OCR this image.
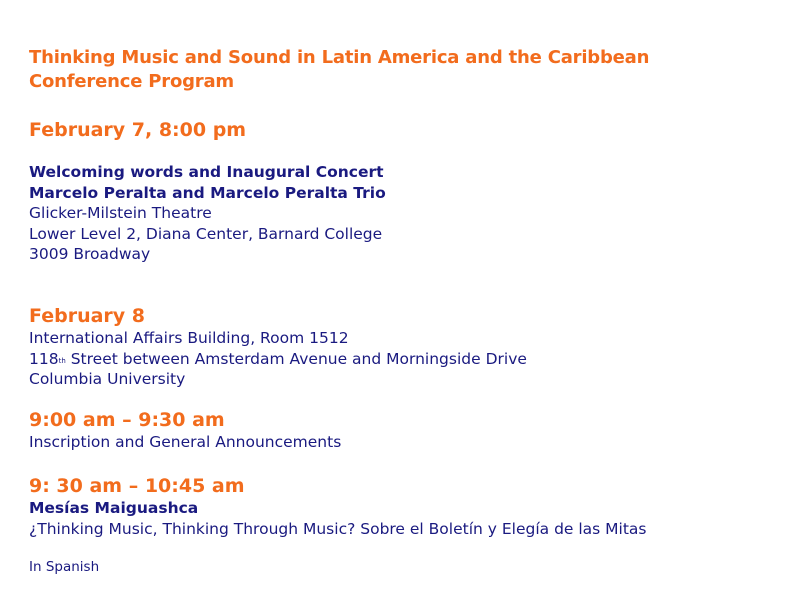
Thinking Music and Sound in Latin America and the Caribbean
Conference Program
February 7, 8:00 pm
Welcoming words and Inaugural Concert
Marcelo Peralta and Marcelo Peralta Trio
Glicker-Milstein Theatre
Lower Level 2, Diana Center, Barnard College
3009 Broadway
February 8
International Affairs Building, Room 1512
118th Street between Amsterdam Avenue and Morningside Drive
Columbia University
9:00 am – 9:30 am
Inscription and General Announcements
9: 30 am – 10:45 am
Mesías Maiguashca
¿Thinking Music, Thinking Through Music? Sobre el Boletín y Elegía de las Mitas
In Spanish
